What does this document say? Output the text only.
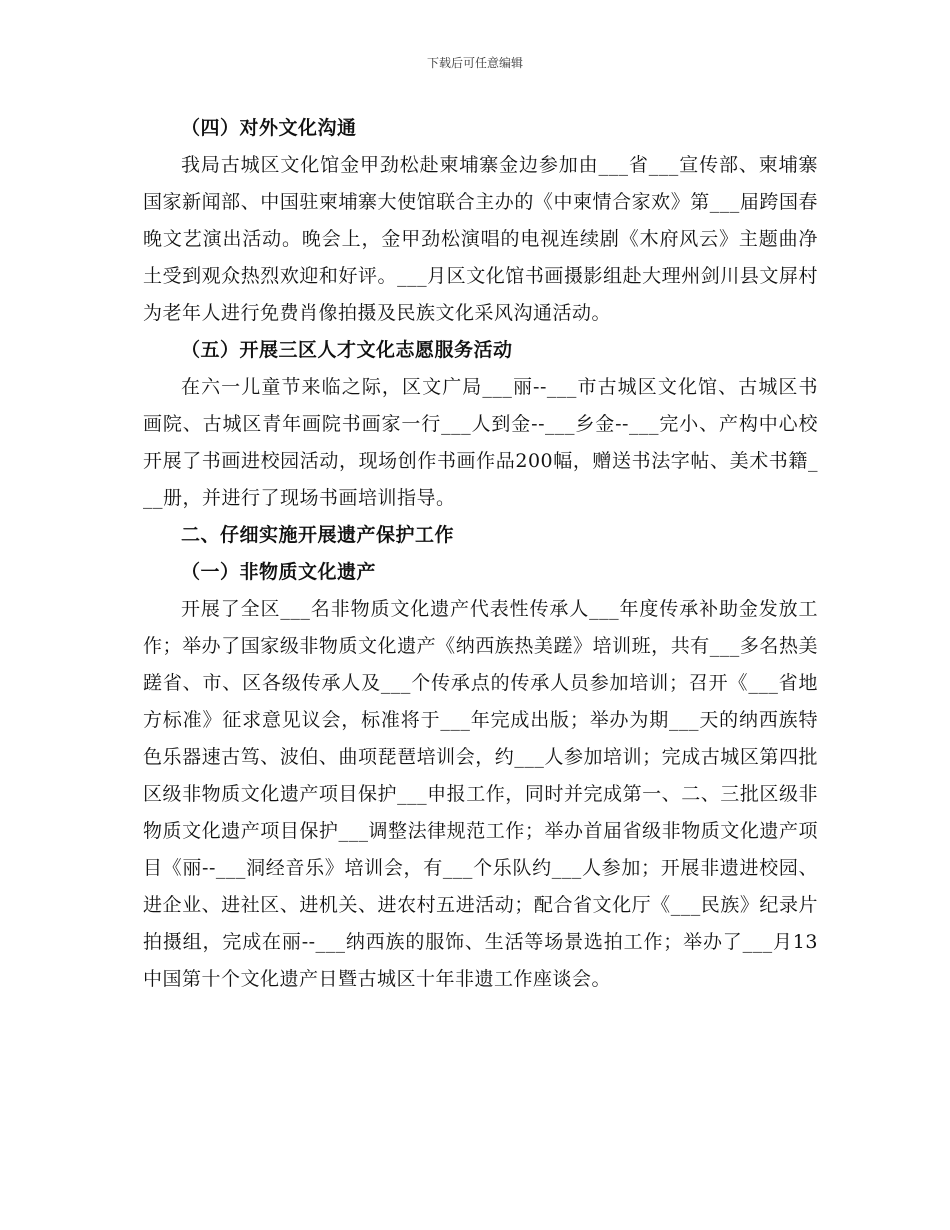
下载后可任意编辑

（四）对外文化沟通

我局古城区文化馆金甲劲松赴柬埔寨金边参加由___省___宣传部、柬埔寨国家新闻部、中国驻柬埔寨大使馆联合主办的《中柬情合家欢》第___届跨国春晚文艺演出活动。晚会上，金甲劲松演唱的电视连续剧《木府风云》主题曲净土受到观众热烈欢迎和好评。___月区文化馆书画摄影组赴大理州剑川县文屏村为老年人进行免费肖像拍摄及民族文化采风沟通活动。

（五）开展三区人才文化志愿服务活动

在六一儿童节来临之际，区文广局___丽--___市古城区文化馆、古城区书画院、古城区青年画院书画家一行___人到金--___乡金--___完小、产构中心校开展了书画进校园活动，现场创作书画作品200幅，赠送书法字帖、美术书籍___册，并进行了现场书画培训指导。

二、仔细实施开展遗产保护工作

（一）非物质文化遗产

开展了全区___名非物质文化遗产代表性传承人___年度传承补助金发放工作；举办了国家级非物质文化遗产《纳西族热美蹉》培训班，共有___多名热美蹉省、市、区各级传承人及___个传承点的传承人员参加培训；召开《___省地方标准》征求意见议会，标准将于___年完成出版；举办为期___天的纳西族特色乐器速古笃、波伯、曲项琵琶培训会，约___人参加培训；完成古城区第四批区级非物质文化遗产项目保护___申报工作，同时并完成第一、二、三批区级非物质文化遗产项目保护___调整法律规范工作；举办首届省级非物质文化遗产项目《丽--___洞经音乐》培训会，有___个乐队约___人参加；开展非遗进校园、进企业、进社区、进机关、进农村五进活动；配合省文化厅《___民族》纪录片拍摄组，完成在丽--___纳西族的服饰、生活等场景选拍工作；举办了___月13中国第十个文化遗产日暨古城区十年非遗工作座谈会。
